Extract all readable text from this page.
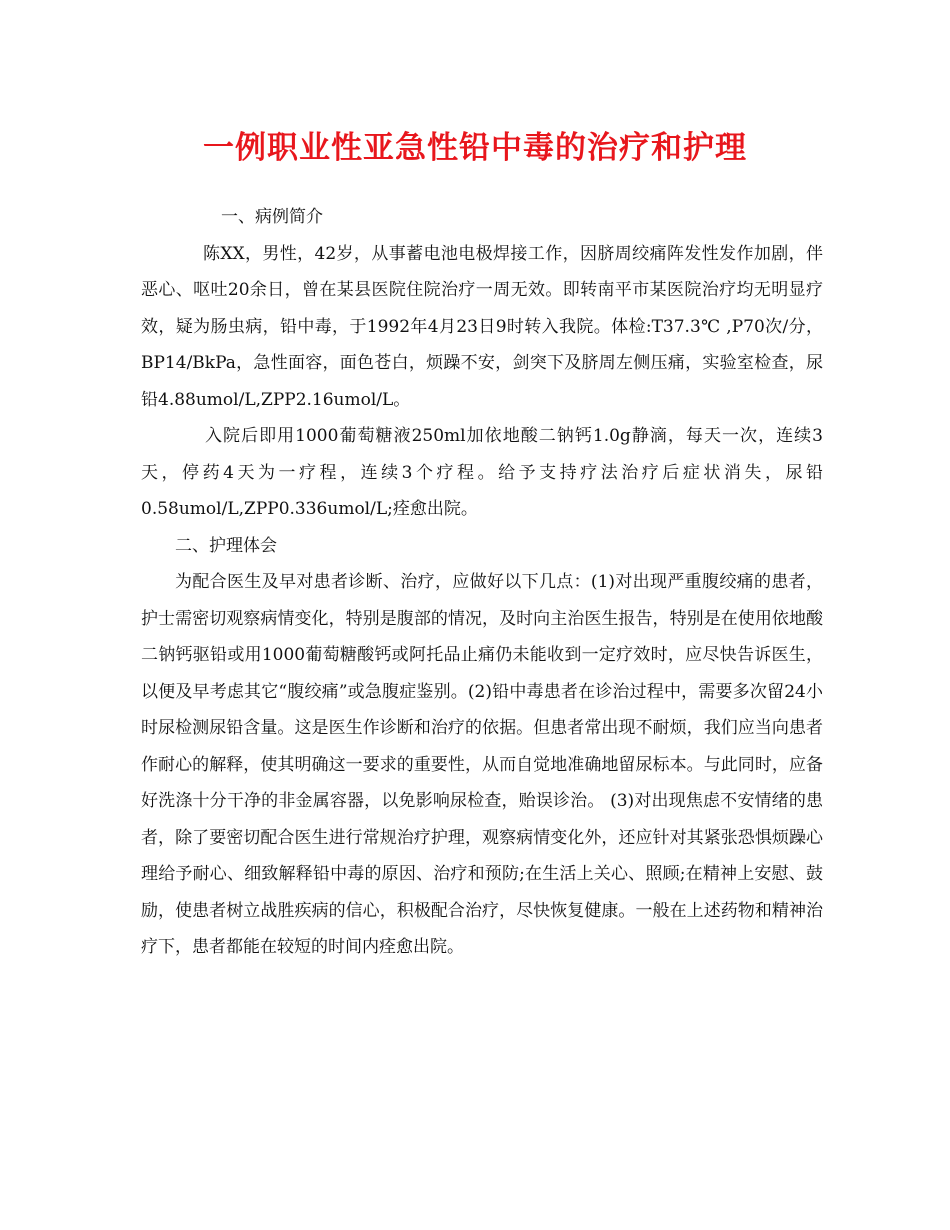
一例职业性亚急性铅中毒的治疗和护理

一、病例简介

陈XX，男性，42岁，从事蓄电池电极焊接工作，因脐周绞痛阵发性发作加剧，伴恶心、呕吐20余日，曾在某县医院住院治疗一周无效。即转南平市某医院治疗均无明显疗效，疑为肠虫病，铅中毒，于1992年4月23日9时转入我院。体检:T37.3℃ ,P70次/分，BP14/BkPa，急性面容，面色苍白，烦躁不安，剑突下及脐周左侧压痛，实验室检查，尿铅4.88umol/L,ZPP2.16umol/L。

入院后即用1000葡萄糖液250ml加依地酸二钠钙1.0g静滴，每天一次，连续3天，停药4天为一疗程，连续3个疗程。给予支持疗法治疗后症状消失，尿铅0.58umol/L,ZPP0.336umol/L;痊愈出院。

二、护理体会

为配合医生及早对患者诊断、治疗，应做好以下几点：(1)对出现严重腹绞痛的患者，护士需密切观察病情变化，特别是腹部的情况，及时向主治医生报告，特别是在使用依地酸二钠钙驱铅或用1000葡萄糖酸钙或阿托品止痛仍未能收到一定疗效时，应尽快告诉医生，以便及早考虑其它“腹绞痛”或急腹症鉴别。(2)铅中毒患者在诊治过程中，需要多次留24小时尿检测尿铅含量。这是医生作诊断和治疗的依据。但患者常出现不耐烦，我们应当向患者作耐心的解释，使其明确这一要求的重要性，从而自觉地准确地留尿标本。与此同时，应备好洗涤十分干净的非金属容器，以免影响尿检查，贻误诊治。 (3)对出现焦虑不安情绪的患者，除了要密切配合医生进行常规治疗护理，观察病情变化外，还应针对其紧张恐惧烦躁心理给予耐心、细致解释铅中毒的原因、治疗和预防;在生活上关心、照顾;在精神上安慰、鼓励，使患者树立战胜疾病的信心，积极配合治疗，尽快恢复健康。一般在上述药物和精神治疗下，患者都能在较短的时间内痊愈出院。
